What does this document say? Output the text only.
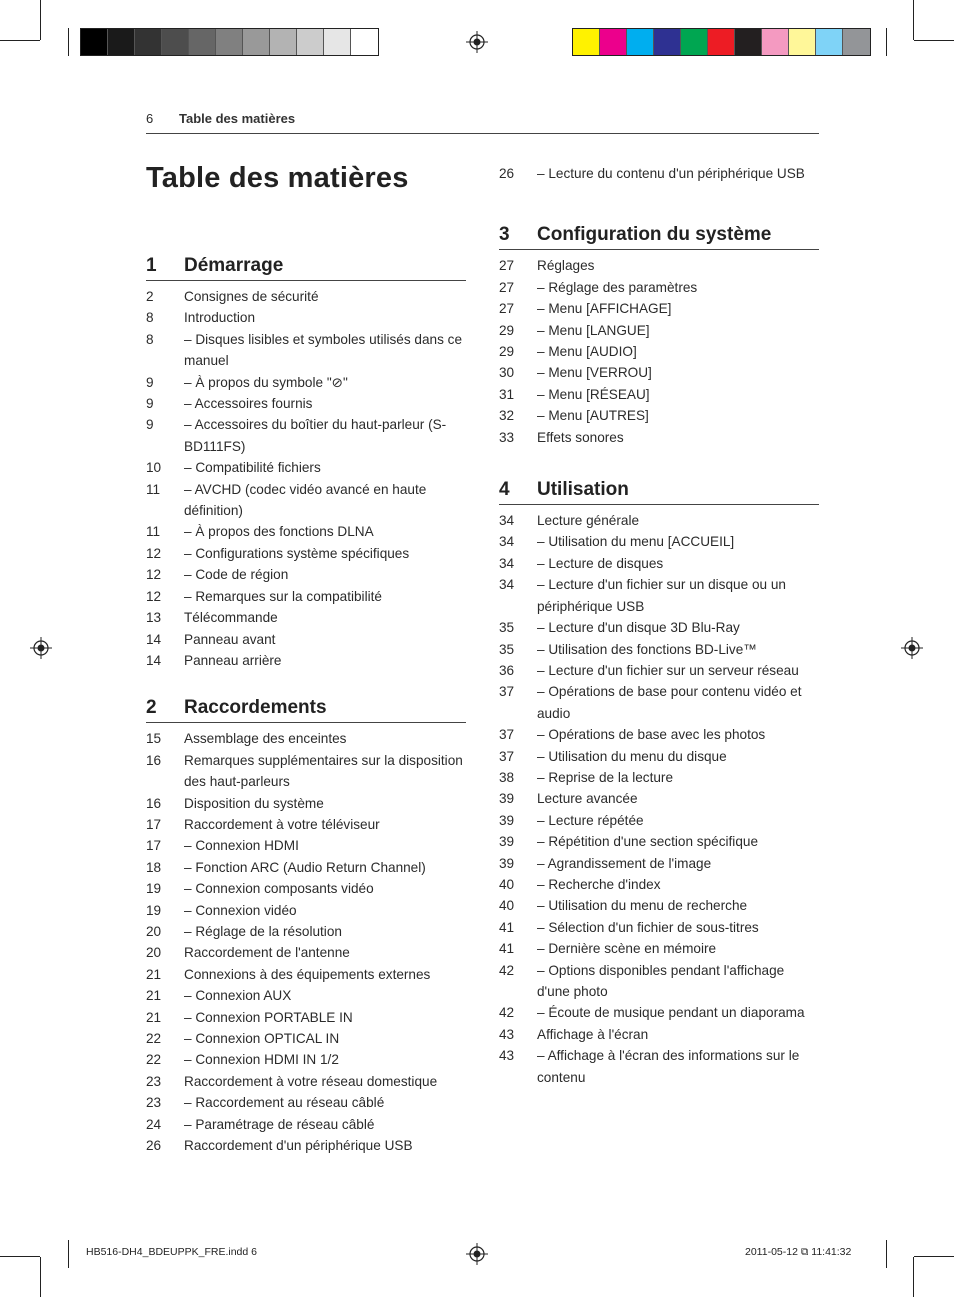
6 Table des matières
Table des matières
1	Démarrage
2	Consignes de sécurité
8	Introduction
8	– Disques lisibles et symboles utilisés dans ce manuel
9	– À propos du symbole "⊘"
9	– Accessoires fournis
9	– Accessoires du boîtier du haut-parleur (S-BD111FS)
10	– Compatibilité fichiers
11	– AVCHD (codec vidéo avancé en haute définition)
11	– À propos des fonctions DLNA
12	– Configurations système spécifiques
12	– Code de région
12	– Remarques sur la compatibilité
13	Télécommande
14	Panneau avant
14	Panneau arrière
2	Raccordements
15	Assemblage des enceintes
16	Remarques supplémentaires sur la disposition des haut-parleurs
16	Disposition du système
17	Raccordement à votre téléviseur
17	– Connexion HDMI
18	– Fonction ARC (Audio Return Channel)
19	– Connexion composants vidéo
19	– Connexion vidéo
20	– Réglage de la résolution
20	Raccordement de l'antenne
21	Connexions à des équipements externes
21	– Connexion AUX
21	– Connexion PORTABLE IN
22	– Connexion OPTICAL IN
22	– Connexion HDMI IN 1/2
23	Raccordement à votre réseau domestique
23	– Raccordement au réseau câblé
24	– Paramétrage de réseau câblé
26	Raccordement d'un périphérique USB
26	– Lecture du contenu d'un périphérique USB
3	Configuration du système
27	Réglages
27	– Réglage des paramètres
27	– Menu [AFFICHAGE]
29	– Menu [LANGUE]
29	– Menu [AUDIO]
30	– Menu [VERROU]
31	– Menu [RÉSEAU]
32	– Menu [AUTRES]
33	Effets sonores
4	Utilisation
34	Lecture générale
34	– Utilisation du menu [ACCUEIL]
34	– Lecture de disques
34	– Lecture d'un fichier sur un disque ou un périphérique USB
35	– Lecture d'un disque 3D Blu-Ray
35	– Utilisation des fonctions BD-Live™
36	– Lecture d'un fichier sur un serveur réseau
37	– Opérations de base pour contenu vidéo et audio
37	– Opérations de base avec les photos
37	– Utilisation du menu du disque
38	– Reprise de la lecture
39	Lecture avancée
39	– Lecture répétée
39	– Répétition d'une section spécifique
39	– Agrandissement de l'image
40	– Recherche d'index
40	– Utilisation du menu de recherche
41	– Sélection d'un fichier de sous-titres
41	– Dernière scène en mémoire
42	– Options disponibles pendant l'affichage d'une photo
42	– Écoute de musique pendant un diaporama
43	Affichage à l'écran
43	– Affichage à l'écran des informations sur le contenu
HB516-DH4_BDEUPPK_FRE.indd 6	2011-05-12 ⧉ 11:41:32
